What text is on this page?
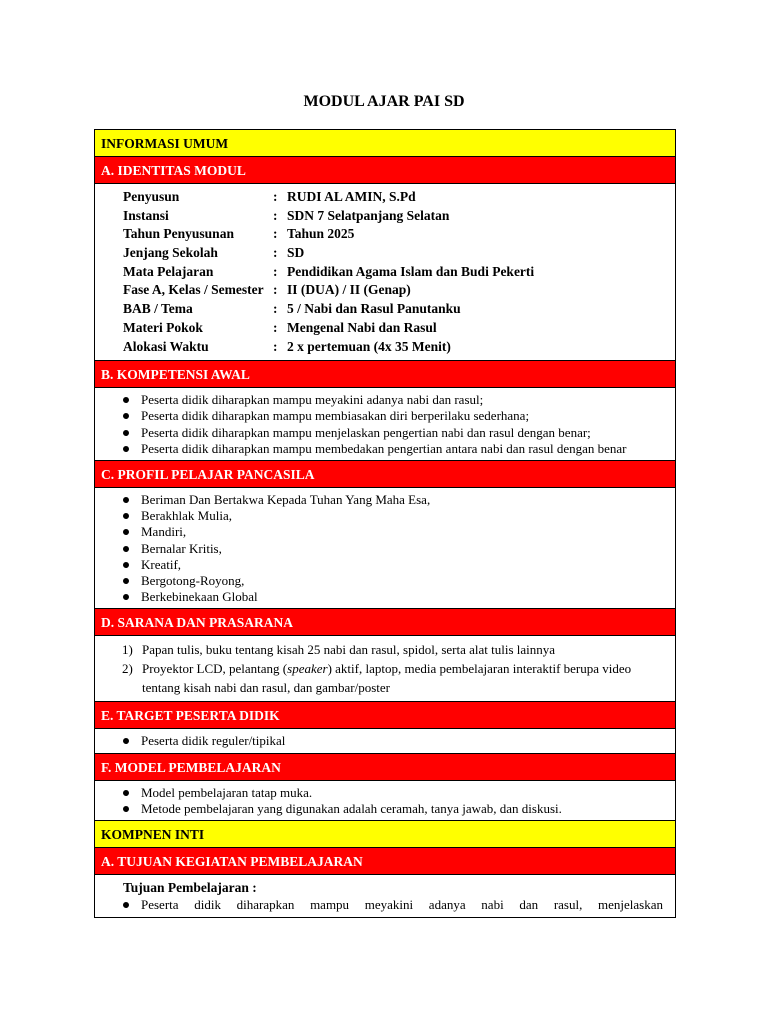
MODUL AJAR PAI SD
INFORMASI UMUM
A. IDENTITAS MODUL
Penyusun	: RUDI AL AMIN, S.Pd
Instansi	: SDN 7 Selatpanjang Selatan
Tahun Penyusunan	: Tahun 2025
Jenjang Sekolah	: SD
Mata Pelajaran	: Pendidikan Agama Islam dan Budi Pekerti
Fase A, Kelas / Semester : II (DUA) / II (Genap)
BAB / Tema	: 5 / Nabi dan Rasul Panutanku
Materi Pokok	: Mengenal Nabi dan Rasul
Alokasi Waktu	: 2 x pertemuan (4x 35 Menit)
B. KOMPETENSI AWAL
Peserta didik diharapkan mampu meyakini adanya nabi dan rasul;
Peserta didik diharapkan mampu membiasakan diri berperilaku sederhana;
Peserta didik diharapkan mampu menjelaskan pengertian nabi dan rasul dengan benar;
Peserta didik diharapkan mampu membedakan pengertian antara nabi dan rasul dengan benar
C. PROFIL PELAJAR PANCASILA
Beriman Dan Bertakwa Kepada Tuhan Yang Maha Esa,
Berakhlak Mulia,
Mandiri,
Bernalar Kritis,
Kreatif,
Bergotong-Royong,
Berkebinekaan Global
D. SARANA DAN PRASARANA
1) Papan tulis, buku tentang kisah 25 nabi dan rasul, spidol, serta alat tulis lainnya
2) Proyektor LCD, pelantang (speaker) aktif, laptop, media pembelajaran interaktif berupa video tentang kisah nabi dan rasul, dan gambar/poster
E. TARGET PESERTA DIDIK
Peserta didik reguler/tipikal
F. MODEL PEMBELAJARAN
Model pembelajaran tatap muka.
Metode pembelajaran yang digunakan adalah ceramah, tanya jawab, dan diskusi.
KOMPNEN INTI
A. TUJUAN KEGIATAN PEMBELAJARAN
Tujuan Pembelajaran :
Peserta didik diharapkan mampu meyakini adanya nabi dan rasul, menjelaskan
